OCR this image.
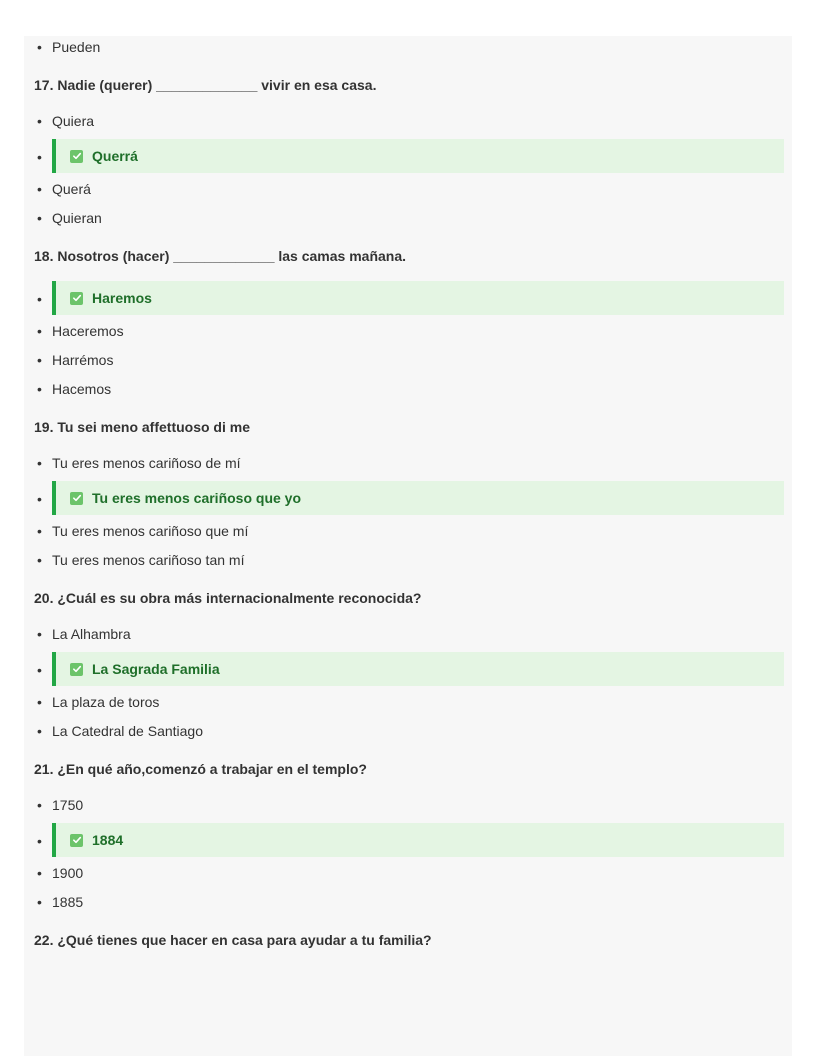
• Pueden
17. Nadie (querer) _____________ vivir en esa casa.
• Quiera
•	Querrá
• Querá
• Quieran
18. Nosotros (hacer) _____________ las camas mañana.
•	Haremos
• Haceremos
• Harrémos
• Hacemos
19. Tu sei meno affettuoso di me
• Tu eres menos cariñoso de mí
•	Tu eres menos cariñoso que yo
• Tu eres menos cariñoso que mí
• Tu eres menos cariñoso tan mí
20. ¿Cuál es su obra más internacionalmente reconocida?
• La Alhambra
•	La Sagrada Familia
• La plaza de toros
• La Catedral de Santiago
21. ¿En qué año,comenzó a trabajar en el templo?
• 1750
•	1884
• 1900
• 1885
22. ¿Qué tienes que hacer en casa para ayudar a tu familia?
